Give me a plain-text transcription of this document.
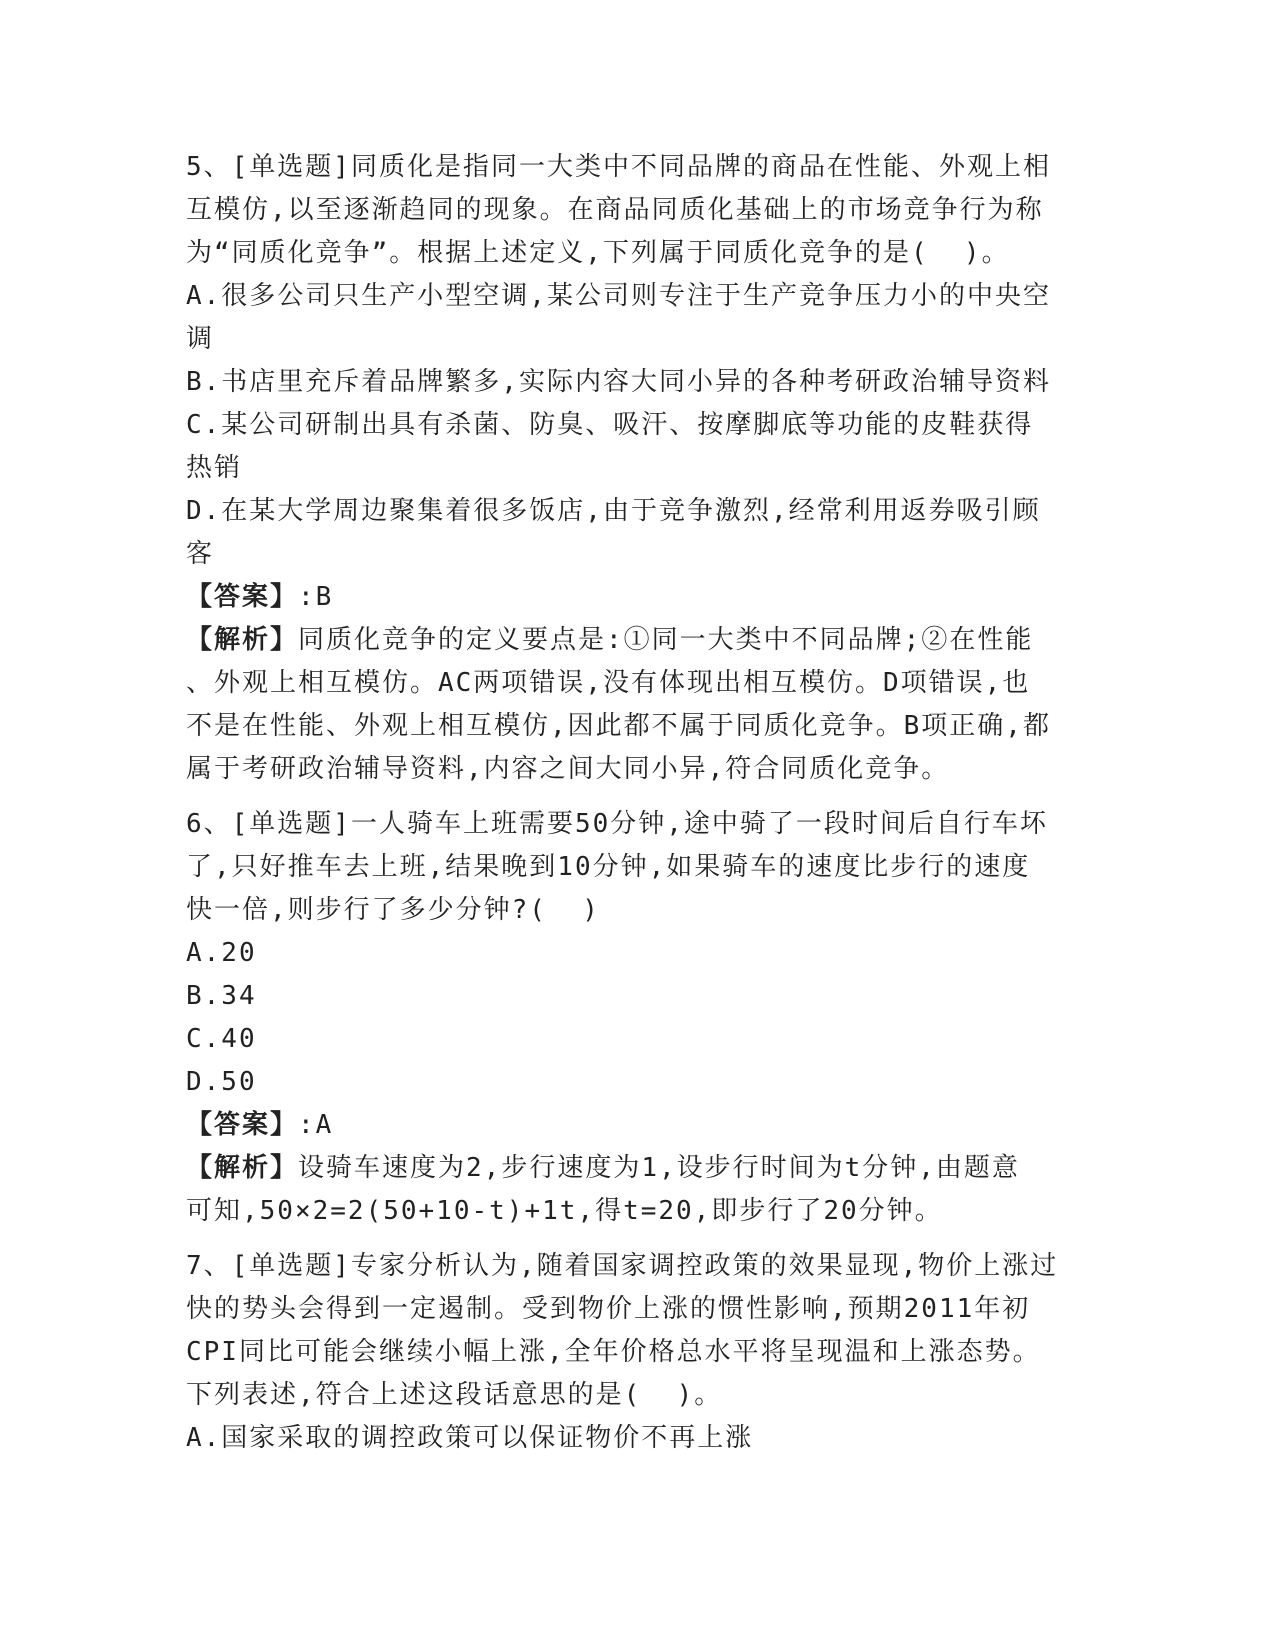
5、[单选题]同质化是指同一大类中不同品牌的商品在性能、外观上相
互模仿,以至逐渐趋同的现象。在商品同质化基础上的市场竞争行为称
为“同质化竞争”。根据上述定义,下列属于同质化竞争的是(  )。
A.很多公司只生产小型空调,某公司则专注于生产竞争压力小的中央空
调
B.书店里充斥着品牌繁多,实际内容大同小异的各种考研政治辅导资料
C.某公司研制出具有杀菌、防臭、吸汗、按摩脚底等功能的皮鞋获得
热销
D.在某大学周边聚集着很多饭店,由于竞争激烈,经常利用返券吸引顾
客
【答案】:B
【解析】同质化竞争的定义要点是:①同一大类中不同品牌;②在性能
、外观上相互模仿。AC两项错误,没有体现出相互模仿。D项错误,也
不是在性能、外观上相互模仿,因此都不属于同质化竞争。B项正确,都
属于考研政治辅导资料,内容之间大同小异,符合同质化竞争。
6、[单选题]一人骑车上班需要50分钟,途中骑了一段时间后自行车坏
了,只好推车去上班,结果晚到10分钟,如果骑车的速度比步行的速度
快一倍,则步行了多少分钟?(  )
A.20
B.34
C.40
D.50
【答案】:A
【解析】设骑车速度为2,步行速度为1,设步行时间为t分钟,由题意
可知,50×2=2(50+10-t)+1t,得t=20,即步行了20分钟。
7、[单选题]专家分析认为,随着国家调控政策的效果显现,物价上涨过
快的势头会得到一定遏制。受到物价上涨的惯性影响,预期2011年初
CPI同比可能会继续小幅上涨,全年价格总水平将呈现温和上涨态势。
下列表述,符合上述这段话意思的是(  )。
A.国家采取的调控政策可以保证物价不再上涨
